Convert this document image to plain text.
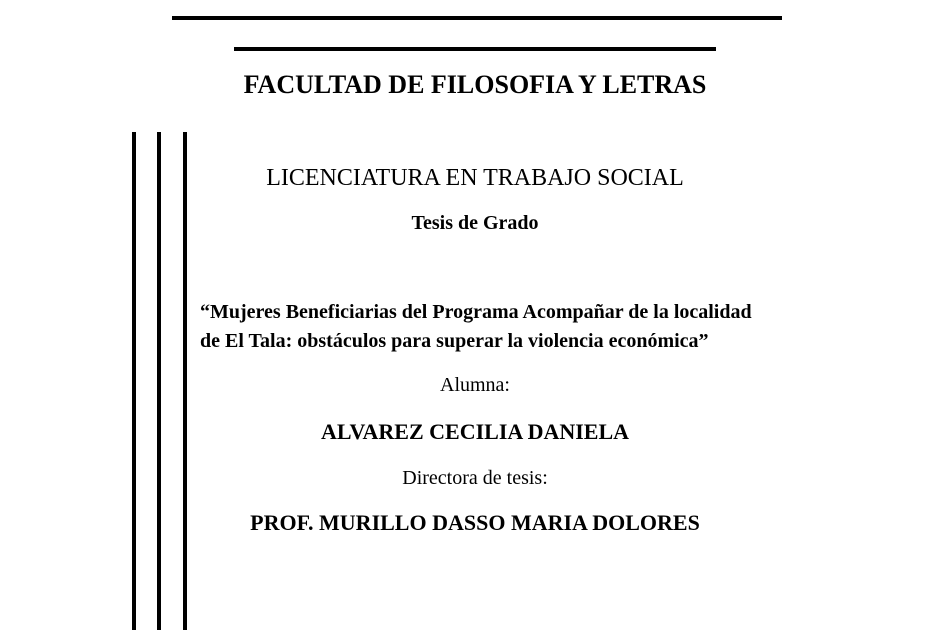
FACULTAD DE FILOSOFIA Y LETRAS
LICENCIATURA EN TRABAJO SOCIAL
Tesis de Grado
“Mujeres Beneficiarias del Programa Acompañar de la localidad
de El Tala: obstáculos para superar la violencia económica”
Alumna:
ALVAREZ CECILIA DANIELA
Directora de tesis:
PROF. MURILLO DASSO MARIA DOLORES
